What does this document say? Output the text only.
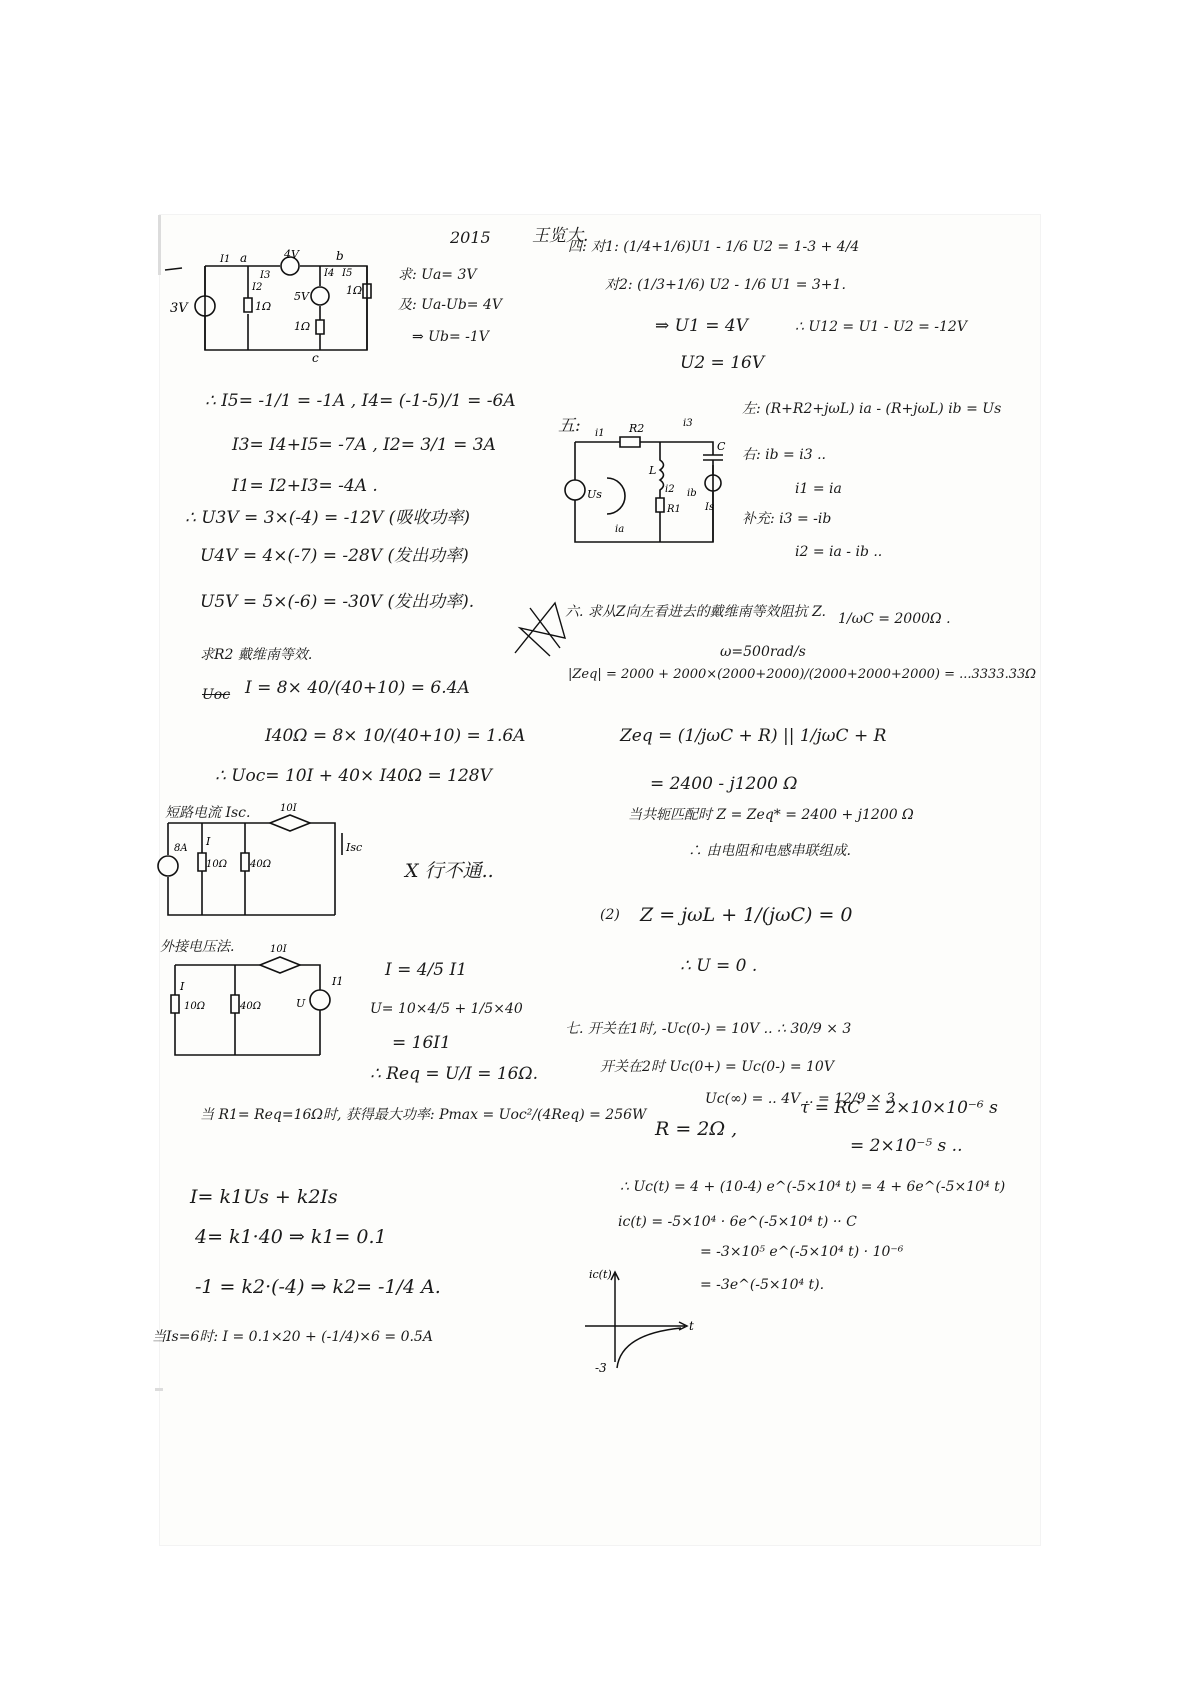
2015 王览大.
3V
4V
5V
1Ω
1Ω
1Ω
a	b
c
I1
I2
I3	I4 I5	求: Ua= 3V
及: Ua-Ub= 4V
⇒ Ub= -1V
∴ I5= -1/1 = -1A , I4= (-1-5)/1 = -6A
I3= I4+I5= -7A , I2= 3/1 = 3A
I1= I2+I3= -4A .
∴ U3V = 3×(-4) = -12V (吸收功率)
U4V = 4×(-7) = -28V (发出功率)
U5V = 5×(-6) = -30V (发出功率).
求R2 戴维南等效.
Uoc I = 8× 40/(40+10) = 6.4A
I40Ω = 8× 10/(40+10) = 1.6A
∴ Uoc= 10I + 40× I40Ω = 128V
短路电流 Isc.
8A
I
10Ω 40Ω
10I
Isc
X 行不通..
外接电压法.
I
10Ω	40Ω
10I
U
I1
I = 4/5 I1
U= 10×4/5 + 1/5×40
= 16I1
∴ Req = U/I = 16Ω.
当 R1= Req=16Ω时, 获得最大功率: Pmax = Uoc²/(4Req) = 256W
I= k1Us + k2Is
4= k1·40 ⇒ k1= 0.1
-1 = k2·(-4) ⇒ k2= -1/4 A.
当Is=6时: I = 0.1×20 + (-1/4)×6 = 0.5A
四: 对1: (1/4+1/6)U1 - 1/6 U2 = 1-3 + 4/4
对2: (1/3+1/6) U2 - 1/6 U1 = 3+1.
⇒ U1 = 4V
U2 = 16V
∴ U12 = U1 - U2 = -12V
五:	R2
L
C
R1
Us
i1
i2
i3
ia
ib
Is
左: (R+R2+jωL) ia - (R+jωL) ib = Us
右: ib = i3 ..
i1 = ia
补充: i3 = -ib
i2 = ia - ib ..
六. 求从Z向左看进去的戴维南等效阻抗 Z.
ω=500rad/s
1/ωC = 2000Ω .
|Zeq| = 2000 + 2000×(2000+2000)/(2000+2000+2000) = ...3333.33Ω
Zeq = (1/jωC + R) || 1/jωC + R
= 2400 - j1200 Ω
当共轭匹配时 Z = Zeq* = 2400 + j1200 Ω
∴ 由电阻和电感串联组成.
(2) Z = jωL + 1/(jωC) = 0
∴ U = 0 .
七. 开关在1时, -Uc(0-) = 10V .. ∴ 30/9 × 3
开关在2时 Uc(0+) = Uc(0-) = 10V
Uc(∞) = .. 4V .. = 12/9 × 3
R = 2Ω ,
τ = RC = 2×10×10⁻⁶ s
= 2×10⁻⁵ s ..
∴ Uc(t) = 4 + (10-4) e^(-5×10⁴ t) = 4 + 6e^(-5×10⁴ t)
ic(t) = -5×10⁴ · 6e^(-5×10⁴ t) ·· C
= -3×10⁵ e^(-5×10⁴ t) · 10⁻⁶
= -3e^(-5×10⁴ t).
ic(t)
t
-3
